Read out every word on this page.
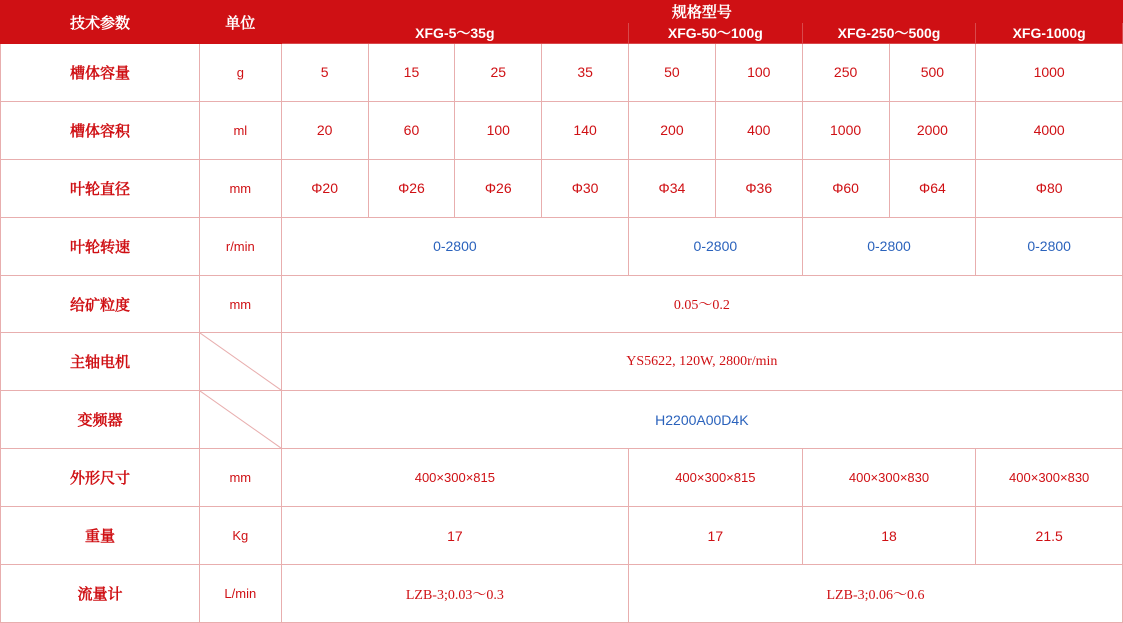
技术参数	单位	规格型号								
		XFG-5～35g				XFG-50～100g		XFG-250～500g		XFG-1000g
槽体容量	g	5	15	25	35	50	100	250	500	1000
槽体容积	ml	20	60	100	140	200	400	1000	2000	4000
叶轮直径	mm	Φ20	Φ26	Φ26	Φ30	Φ34	Φ36	Φ60	Φ64	Φ80
叶轮转速	r/min	0-2800				0-2800		0-2800		0-2800
给矿粒度	mm	0.05～0.2								
主轴电机		YS5622, 120W, 2800r/min								
变频器		H2200A00D4K								
外形尺寸	mm	400×300×815				400×300×815		400×300×830		400×300×830
重量	Kg	17				17		18		21.5
流量计	L/min	LZB-3;0.03～0.3				LZB-3;0.06～0.6				
